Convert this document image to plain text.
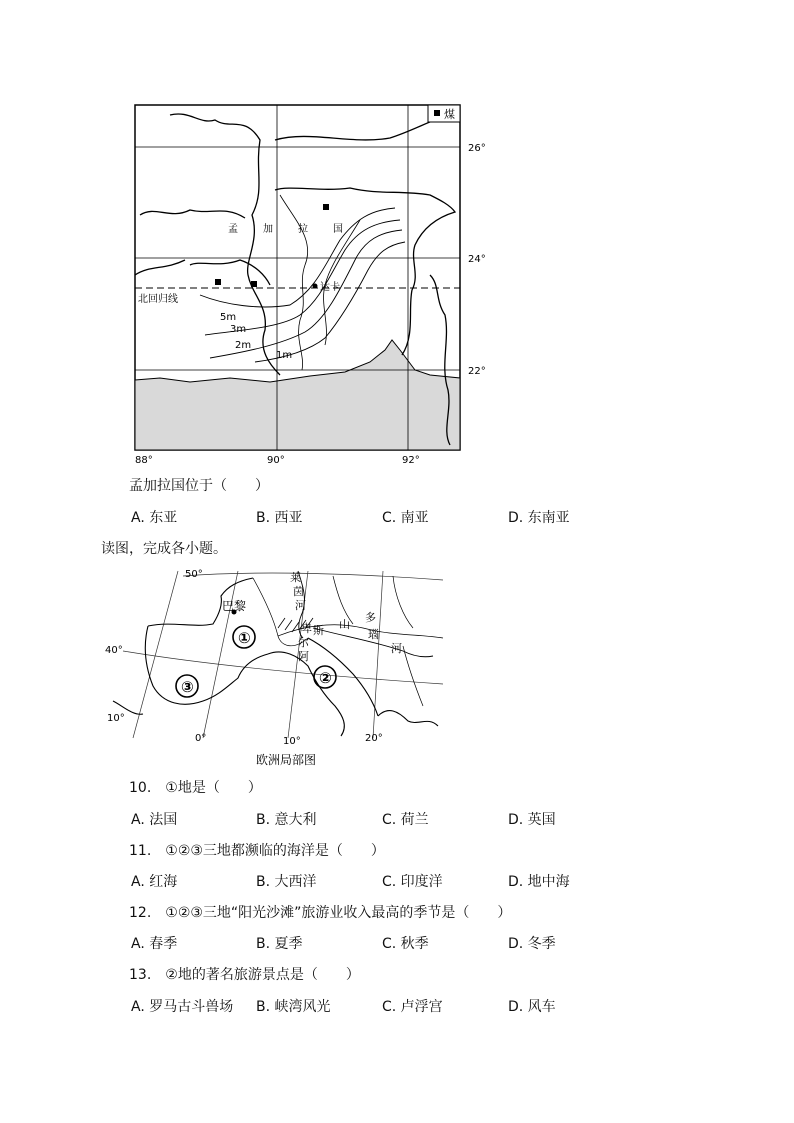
煤
孟	加	拉	国
达卡
北回归线
5m
3m
2m
1m
26°
24°
22°
88°	90°	92°
孟加拉国位于（　　）
A. 东亚	B. 西亚	C. 南亚	D. 东南亚
读图，完成各小题。
①
②
③
巴黎
莱
茵
河
阿
尔
卑 斯 山
多
瑙
河
50°
40°
10°
0°	10°	20°
欧洲局部图
10.　①地是（　　）
A. 法国	B. 意大利	C. 荷兰	D. 英国
11.　①②③三地都濒临的海洋是（　　）
A. 红海	B. 大西洋	C. 印度洋	D. 地中海
12.　①②③三地“阳光沙滩”旅游业收入最高的季节是（　　）
A. 春季	B. 夏季	C. 秋季	D. 冬季
13.　②地的著名旅游景点是（　　）
A. 罗马古斗兽场 B. 峡湾风光	C. 卢浮宫	D. 风车
